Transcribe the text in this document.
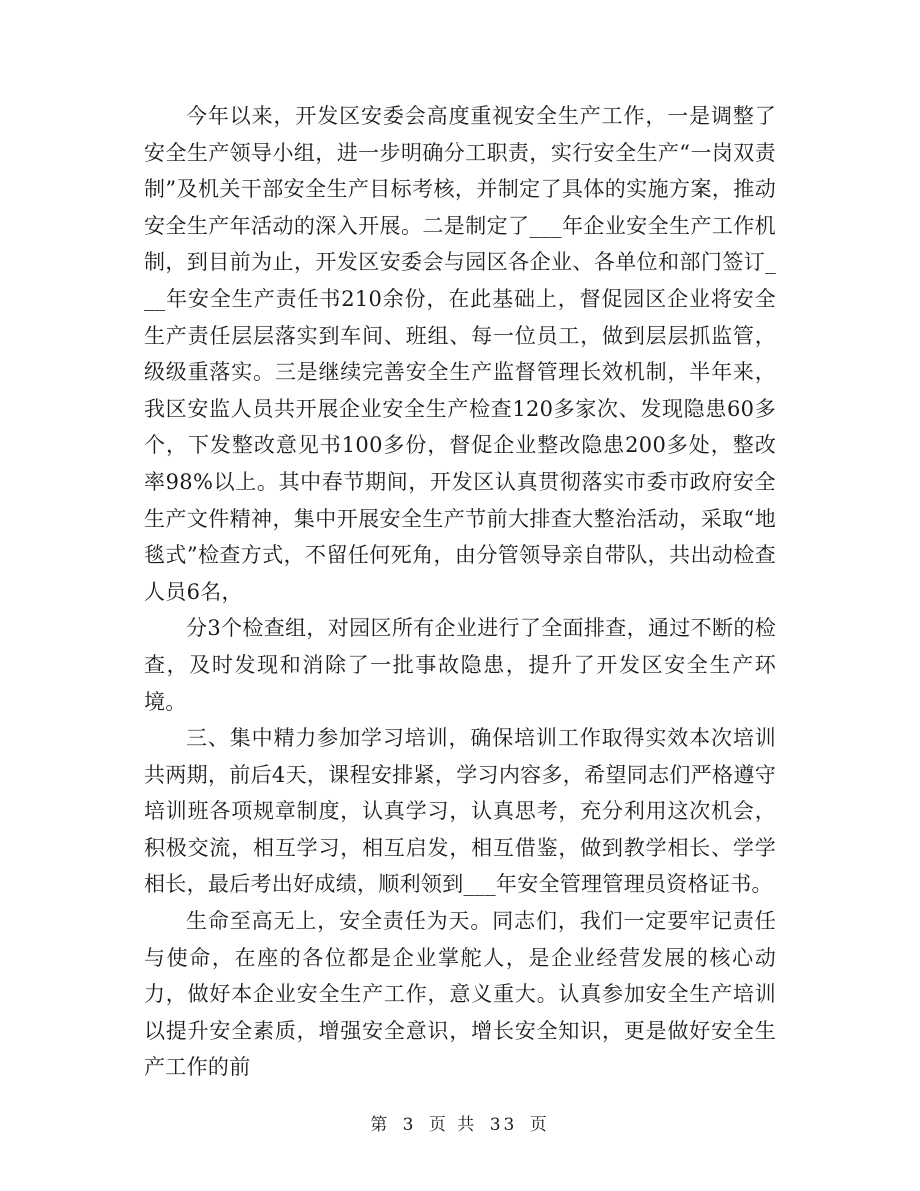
今年以来，开发区安委会高度重视安全生产工作，一是调整了安全生产领导小组，进一步明确分工职责，实行安全生产“一岗双责制”及机关干部安全生产目标考核，并制定了具体的实施方案，推动安全生产年活动的深入开展。二是制定了___年企业安全生产工作机制，到目前为止，开发区安委会与园区各企业、各单位和部门签订___年安全生产责任书210余份，在此基础上，督促园区企业将安全生产责任层层落实到车间、班组、每一位员工，做到层层抓监管，级级重落实。三是继续完善安全生产监督管理长效机制，半年来，我区安监人员共开展企业安全生产检查120多家次、发现隐患60多个，下发整改意见书100多份，督促企业整改隐患200多处，整改率98%以上。其中春节期间，开发区认真贯彻落实市委市政府安全生产文件精神，集中开展安全生产节前大排查大整治活动，采取“地毯式”检查方式，不留任何死角，由分管领导亲自带队，共出动检查人员6名，

分3个检查组，对园区所有企业进行了全面排查，通过不断的检查，及时发现和消除了一批事故隐患，提升了开发区安全生产环境。

三、集中精力参加学习培训，确保培训工作取得实效本次培训共两期，前后4天，课程安排紧，学习内容多，希望同志们严格遵守培训班各项规章制度，认真学习，认真思考，充分利用这次机会，积极交流，相互学习，相互启发，相互借鉴，做到教学相长、学学相长，最后考出好成绩，顺利领到___年安全管理管理员资格证书。

生命至高无上，安全责任为天。同志们，我们一定要牢记责任与使命，在座的各位都是企业掌舵人，是企业经营发展的核心动力，做好本企业安全生产工作，意义重大。认真参加安全生产培训以提升安全素质，增强安全意识，增长安全知识，更是做好安全生产工作的前

第 3 页 共 33 页
